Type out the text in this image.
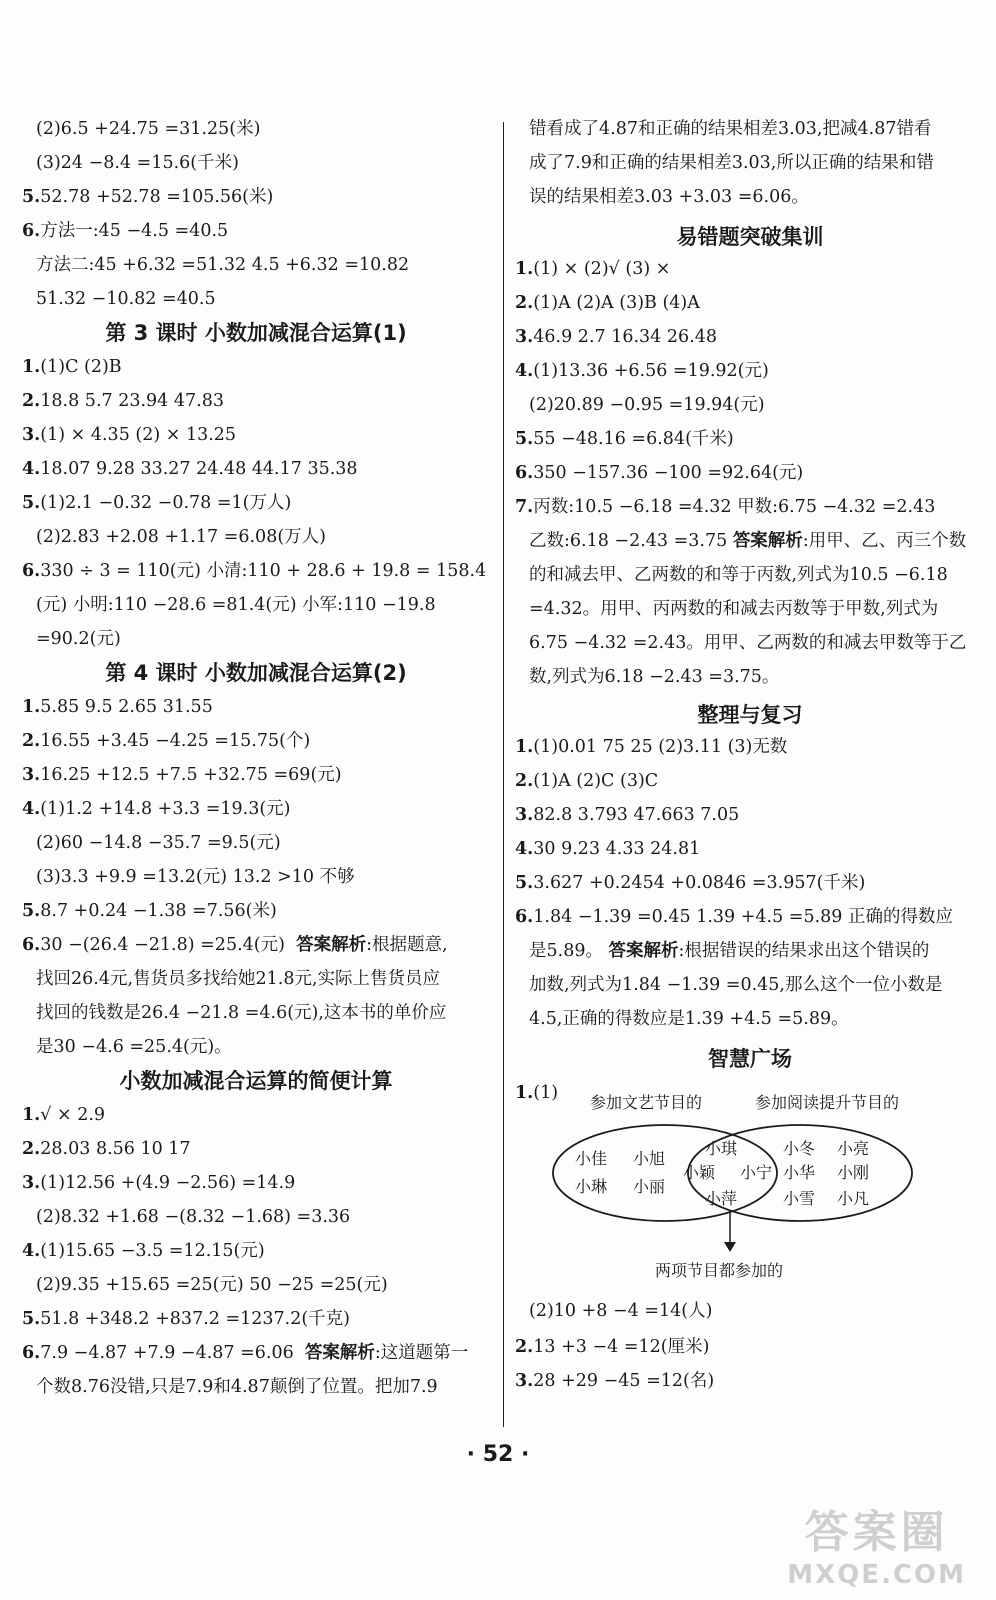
(2)6.5 +24.75 =31.25(米)
(3)24 −8.4 =15.6(千米)
5.52.78 +52.78 =105.56(米)
6.方法一:45 −4.5 =40.5
方法二:45 +6.32 =51.32 4.5 +6.32 =10.82
51.32 −10.82 =40.5
第 3 课时 小数加减混合运算(1)
1.(1)C (2)B
2.18.8 5.7 23.94 47.83
3.(1) × 4.35 (2) × 13.25
4.18.07 9.28 33.27 24.48 44.17 35.38
5.(1)2.1 −0.32 −0.78 =1(万人)
(2)2.83 +2.08 +1.17 =6.08(万人)
6.330 ÷ 3 = 110(元) 小清:110 + 28.6 + 19.8 = 158.4
(元) 小明:110 −28.6 =81.4(元) 小军:110 −19.8
=90.2(元)
第 4 课时 小数加减混合运算(2)
1.5.85 9.5 2.65 31.55
2.16.55 +3.45 −4.25 =15.75(个)
3.16.25 +12.5 +7.5 +32.75 =69(元)
4.(1)1.2 +14.8 +3.3 =19.3(元)
(2)60 −14.8 −35.7 =9.5(元)
(3)3.3 +9.9 =13.2(元) 13.2 >10 不够
5.8.7 +0.24 −1.38 =7.56(米)
6.30 −(26.4 −21.8) =25.4(元) 答案解析:根据题意,
找回26.4元,售货员多找给她21.8元,实际上售货员应
找回的钱数是26.4 −21.8 =4.6(元),这本书的单价应
是30 −4.6 =25.4(元)。
小数加减混合运算的简便计算
1.√ × 2.9
2.28.03 8.56 10 17
3.(1)12.56 +(4.9 −2.56) =14.9
(2)8.32 +1.68 −(8.32 −1.68) =3.36
4.(1)15.65 −3.5 =12.15(元)
(2)9.35 +15.65 =25(元) 50 −25 =25(元)
5.51.8 +348.2 +837.2 =1237.2(千克)
6.7.9 −4.87 +7.9 −4.87 =6.06 答案解析:这道题第一
个数8.76没错,只是7.9和4.87颠倒了位置。把加7.9
错看成了4.87和正确的结果相差3.03,把减4.87错看
成了7.9和正确的结果相差3.03,所以正确的结果和错
误的结果相差3.03 +3.03 =6.06。
易错题突破集训
1.(1) × (2)√ (3) ×
2.(1)A (2)A (3)B (4)A
3.46.9 2.7 16.34 26.48
4.(1)13.36 +6.56 =19.92(元)
(2)20.89 −0.95 =19.94(元)
5.55 −48.16 =6.84(千米)
6.350 −157.36 −100 =92.64(元)
7.丙数:10.5 −6.18 =4.32 甲数:6.75 −4.32 =2.43
乙数:6.18 −2.43 =3.75 答案解析:用甲、乙、丙三个数
的和减去甲、乙两数的和等于丙数,列式为10.5 −6.18
=4.32。用甲、丙两数的和减去丙数等于甲数,列式为
6.75 −4.32 =2.43。用甲、乙两数的和减去甲数等于乙
数,列式为6.18 −2.43 =3.75。
整理与复习
1.(1)0.01 75 25 (2)3.11 (3)无数
2.(1)A (2)C (3)C
3.82.8 3.793 47.663 7.05
4.30 9.23 4.33 24.81
5.3.627 +0.2454 +0.0846 =3.957(千米)
6.1.84 −1.39 =0.45 1.39 +4.5 =5.89 正确的得数应
是5.89。 答案解析:根据错误的结果求出这个错误的
加数,列式为1.84 −1.39 =0.45,那么这个一位小数是
4.5,正确的得数应是1.39 +4.5 =5.89。
智慧广场
1.(1) 参加文艺节目的	参加阅读提升节目的
小佳 小旭
小琳 小丽
小琪
小颖 小宁
小萍
小冬 小亮
小华 小刚
小雪 小凡
两项节目都参加的
(2)10 +8 −4 =14(人)
2.13 +3 −4 =12(厘米)
3.28 +29 −45 =12(名)
· 52 ·
答案圈
MXQE.COM
